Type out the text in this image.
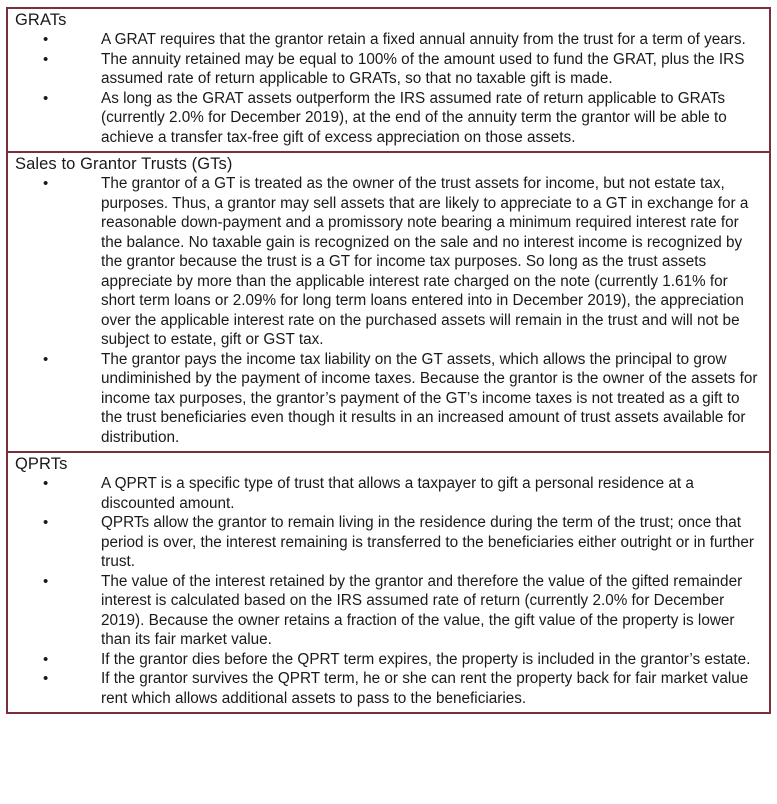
GRATs
•	A GRAT requires that the grantor retain a fixed annual annuity from the trust for a term of years.
•	The annuity retained may be equal to 100% of the amount used to fund the GRAT, plus the IRS assumed rate of return applicable to GRATs, so that no taxable gift is made.
•	As long as the GRAT assets outperform the IRS assumed rate of return applicable to GRATs (currently 2.0% for December 2019), at the end of the annuity term the grantor will be able to achieve a transfer tax-free gift of excess appreciation on those assets.
Sales to Grantor Trusts (GTs)
•	The grantor of a GT is treated as the owner of the trust assets for income, but not estate tax, purposes. Thus, a grantor may sell assets that are likely to appreciate to a GT in exchange for a reasonable down-payment and a promissory note bearing a minimum required interest rate for the balance. No taxable gain is recognized on the sale and no interest income is recognized by the grantor because the trust is a GT for income tax purposes. So long as the trust assets appreciate by more than the applicable interest rate charged on the note (currently 1.61% for short term loans or 2.09% for long term loans entered into in December 2019), the appreciation over the applicable interest rate on the purchased assets will remain in the trust and will not be subject to estate, gift or GST tax.
•	The grantor pays the income tax liability on the GT assets, which allows the principal to grow undiminished by the payment of income taxes. Because the grantor is the owner of the assets for income tax purposes, the grantor’s payment of the GT’s income taxes is not treated as a gift to the trust beneficiaries even though it results in an increased amount of trust assets available for distribution.
QPRTs
•	A QPRT is a specific type of trust that allows a taxpayer to gift a personal residence at a discounted amount.
•	QPRTs allow the grantor to remain living in the residence during the term of the trust; once that period is over, the interest remaining is transferred to the beneficiaries either outright or in further trust.
•	The value of the interest retained by the grantor and therefore the value of the gifted remainder interest is calculated based on the IRS assumed rate of return (currently 2.0% for December 2019). Because the owner retains a fraction of the value, the gift value of the property is lower than its fair market value.
•	If the grantor dies before the QPRT term expires, the property is included in the grantor’s estate.
•	If the grantor survives the QPRT term, he or she can rent the property back for fair market value rent which allows additional assets to pass to the beneficiaries.
